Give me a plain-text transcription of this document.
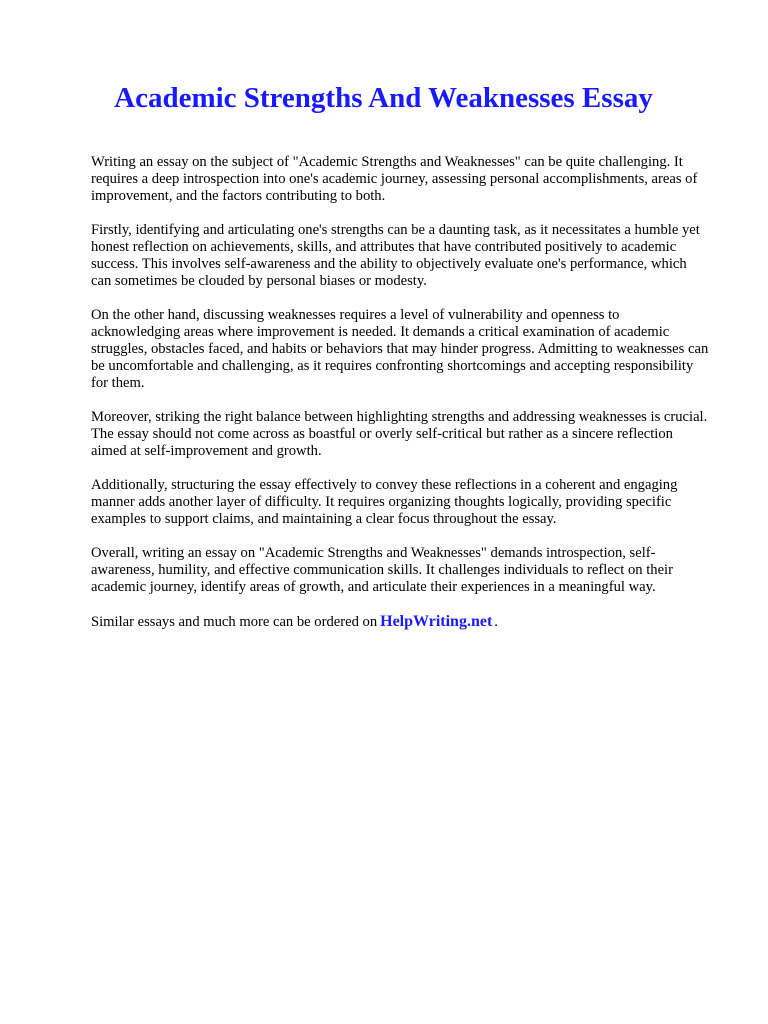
Academic Strengths And Weaknesses Essay

Writing an essay on the subject of "Academic Strengths and Weaknesses" can be quite challenging. It requires a deep introspection into one's academic journey, assessing personal accomplishments, areas of improvement, and the factors contributing to both.

Firstly, identifying and articulating one's strengths can be a daunting task, as it necessitates a humble yet honest reflection on achievements, skills, and attributes that have contributed positively to academic success. This involves self-awareness and the ability to objectively evaluate one's performance, which can sometimes be clouded by personal biases or modesty.

On the other hand, discussing weaknesses requires a level of vulnerability and openness to acknowledging areas where improvement is needed. It demands a critical examination of academic struggles, obstacles faced, and habits or behaviors that may hinder progress. Admitting to weaknesses can be uncomfortable and challenging, as it requires confronting shortcomings and accepting responsibility for them.

Moreover, striking the right balance between highlighting strengths and addressing weaknesses is crucial. The essay should not come across as boastful or overly self-critical but rather as a sincere reflection aimed at self-improvement and growth.

Additionally, structuring the essay effectively to convey these reflections in a coherent and engaging manner adds another layer of difficulty. It requires organizing thoughts logically, providing specific examples to support claims, and maintaining a clear focus throughout the essay.

Overall, writing an essay on "Academic Strengths and Weaknesses" demands introspection, self-awareness, humility, and effective communication skills. It challenges individuals to reflect on their academic journey, identify areas of growth, and articulate their experiences in a meaningful way.

Similar essays and much more can be ordered on HelpWriting.net .
